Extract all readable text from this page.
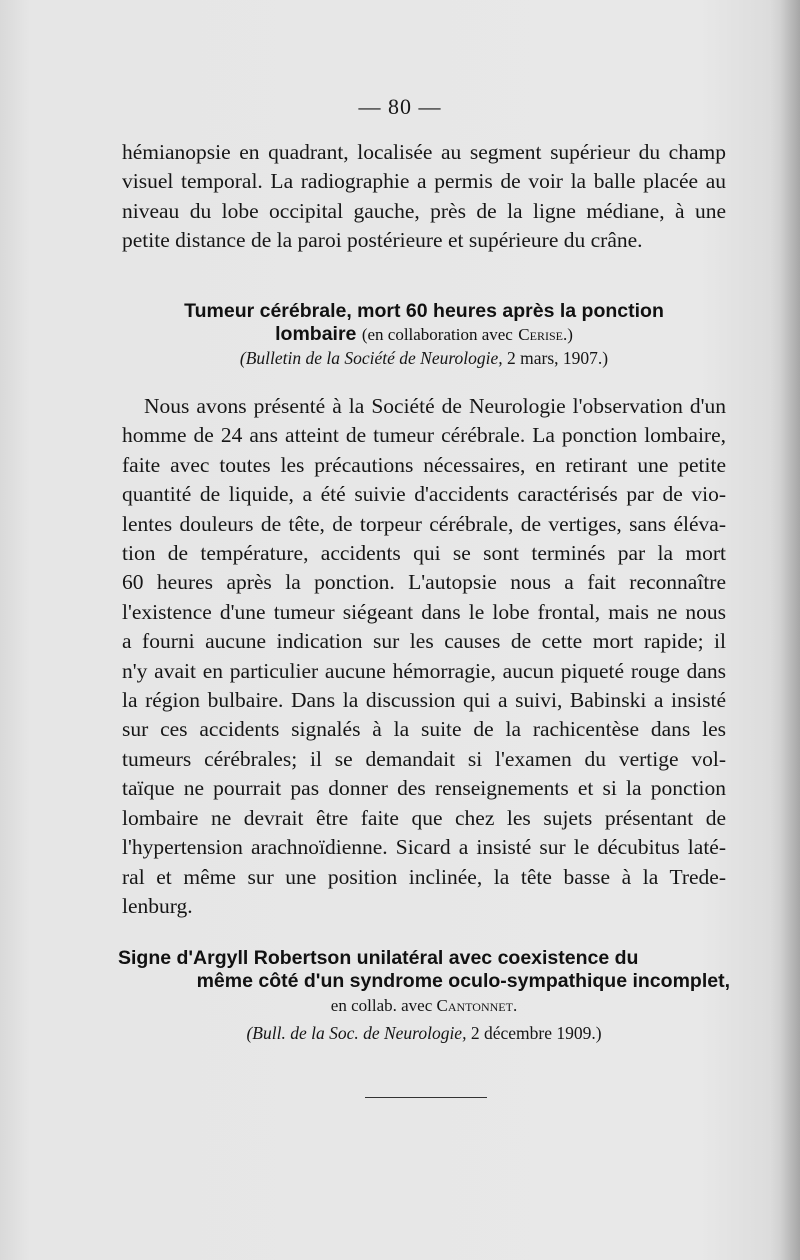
— 80 —
hémianopsie en quadrant, localisée au segment supérieur du champ
visuel temporal. La radiographie a permis de voir la balle placée au
niveau du lobe occipital gauche, près de la ligne médiane, à une
petite distance de la paroi postérieure et supérieure du crâne.
Tumeur cérébrale, mort 60 heures après la ponction
lombaire (en collaboration avec Cerise.)
(Bulletin de la Société de Neurologie, 2 mars, 1907.)
Nous avons présenté à la Société de Neurologie l'observation d'un
homme de 24 ans atteint de tumeur cérébrale. La ponction lombaire,
faite avec toutes les précautions nécessaires, en retirant une petite
quantité de liquide, a été suivie d'accidents caractérisés par de vio-
lentes douleurs de tête, de torpeur cérébrale, de vertiges, sans éléva-
tion de température, accidents qui se sont terminés par la mort
60 heures après la ponction. L'autopsie nous a fait reconnaître
l'existence d'une tumeur siégeant dans le lobe frontal, mais ne nous
a fourni aucune indication sur les causes de cette mort rapide; il
n'y avait en particulier aucune hémorragie, aucun piqueté rouge dans
la région bulbaire. Dans la discussion qui a suivi, Babinski a insisté
sur ces accidents signalés à la suite de la rachicentèse dans les
tumeurs cérébrales; il se demandait si l'examen du vertige vol-
taïque ne pourrait pas donner des renseignements et si la ponction
lombaire ne devrait être faite que chez les sujets présentant de
l'hypertension arachnoïdienne. Sicard a insisté sur le décubitus laté-
ral et même sur une position inclinée, la tête basse à la Trede-
lenburg.
Signe d'Argyll Robertson unilatéral avec coexistence du
même côté d'un syndrome oculo-sympathique incomplet,
en collab. avec Cantonnet.
(Bull. de la Soc. de Neurologie, 2 décembre 1909.)
